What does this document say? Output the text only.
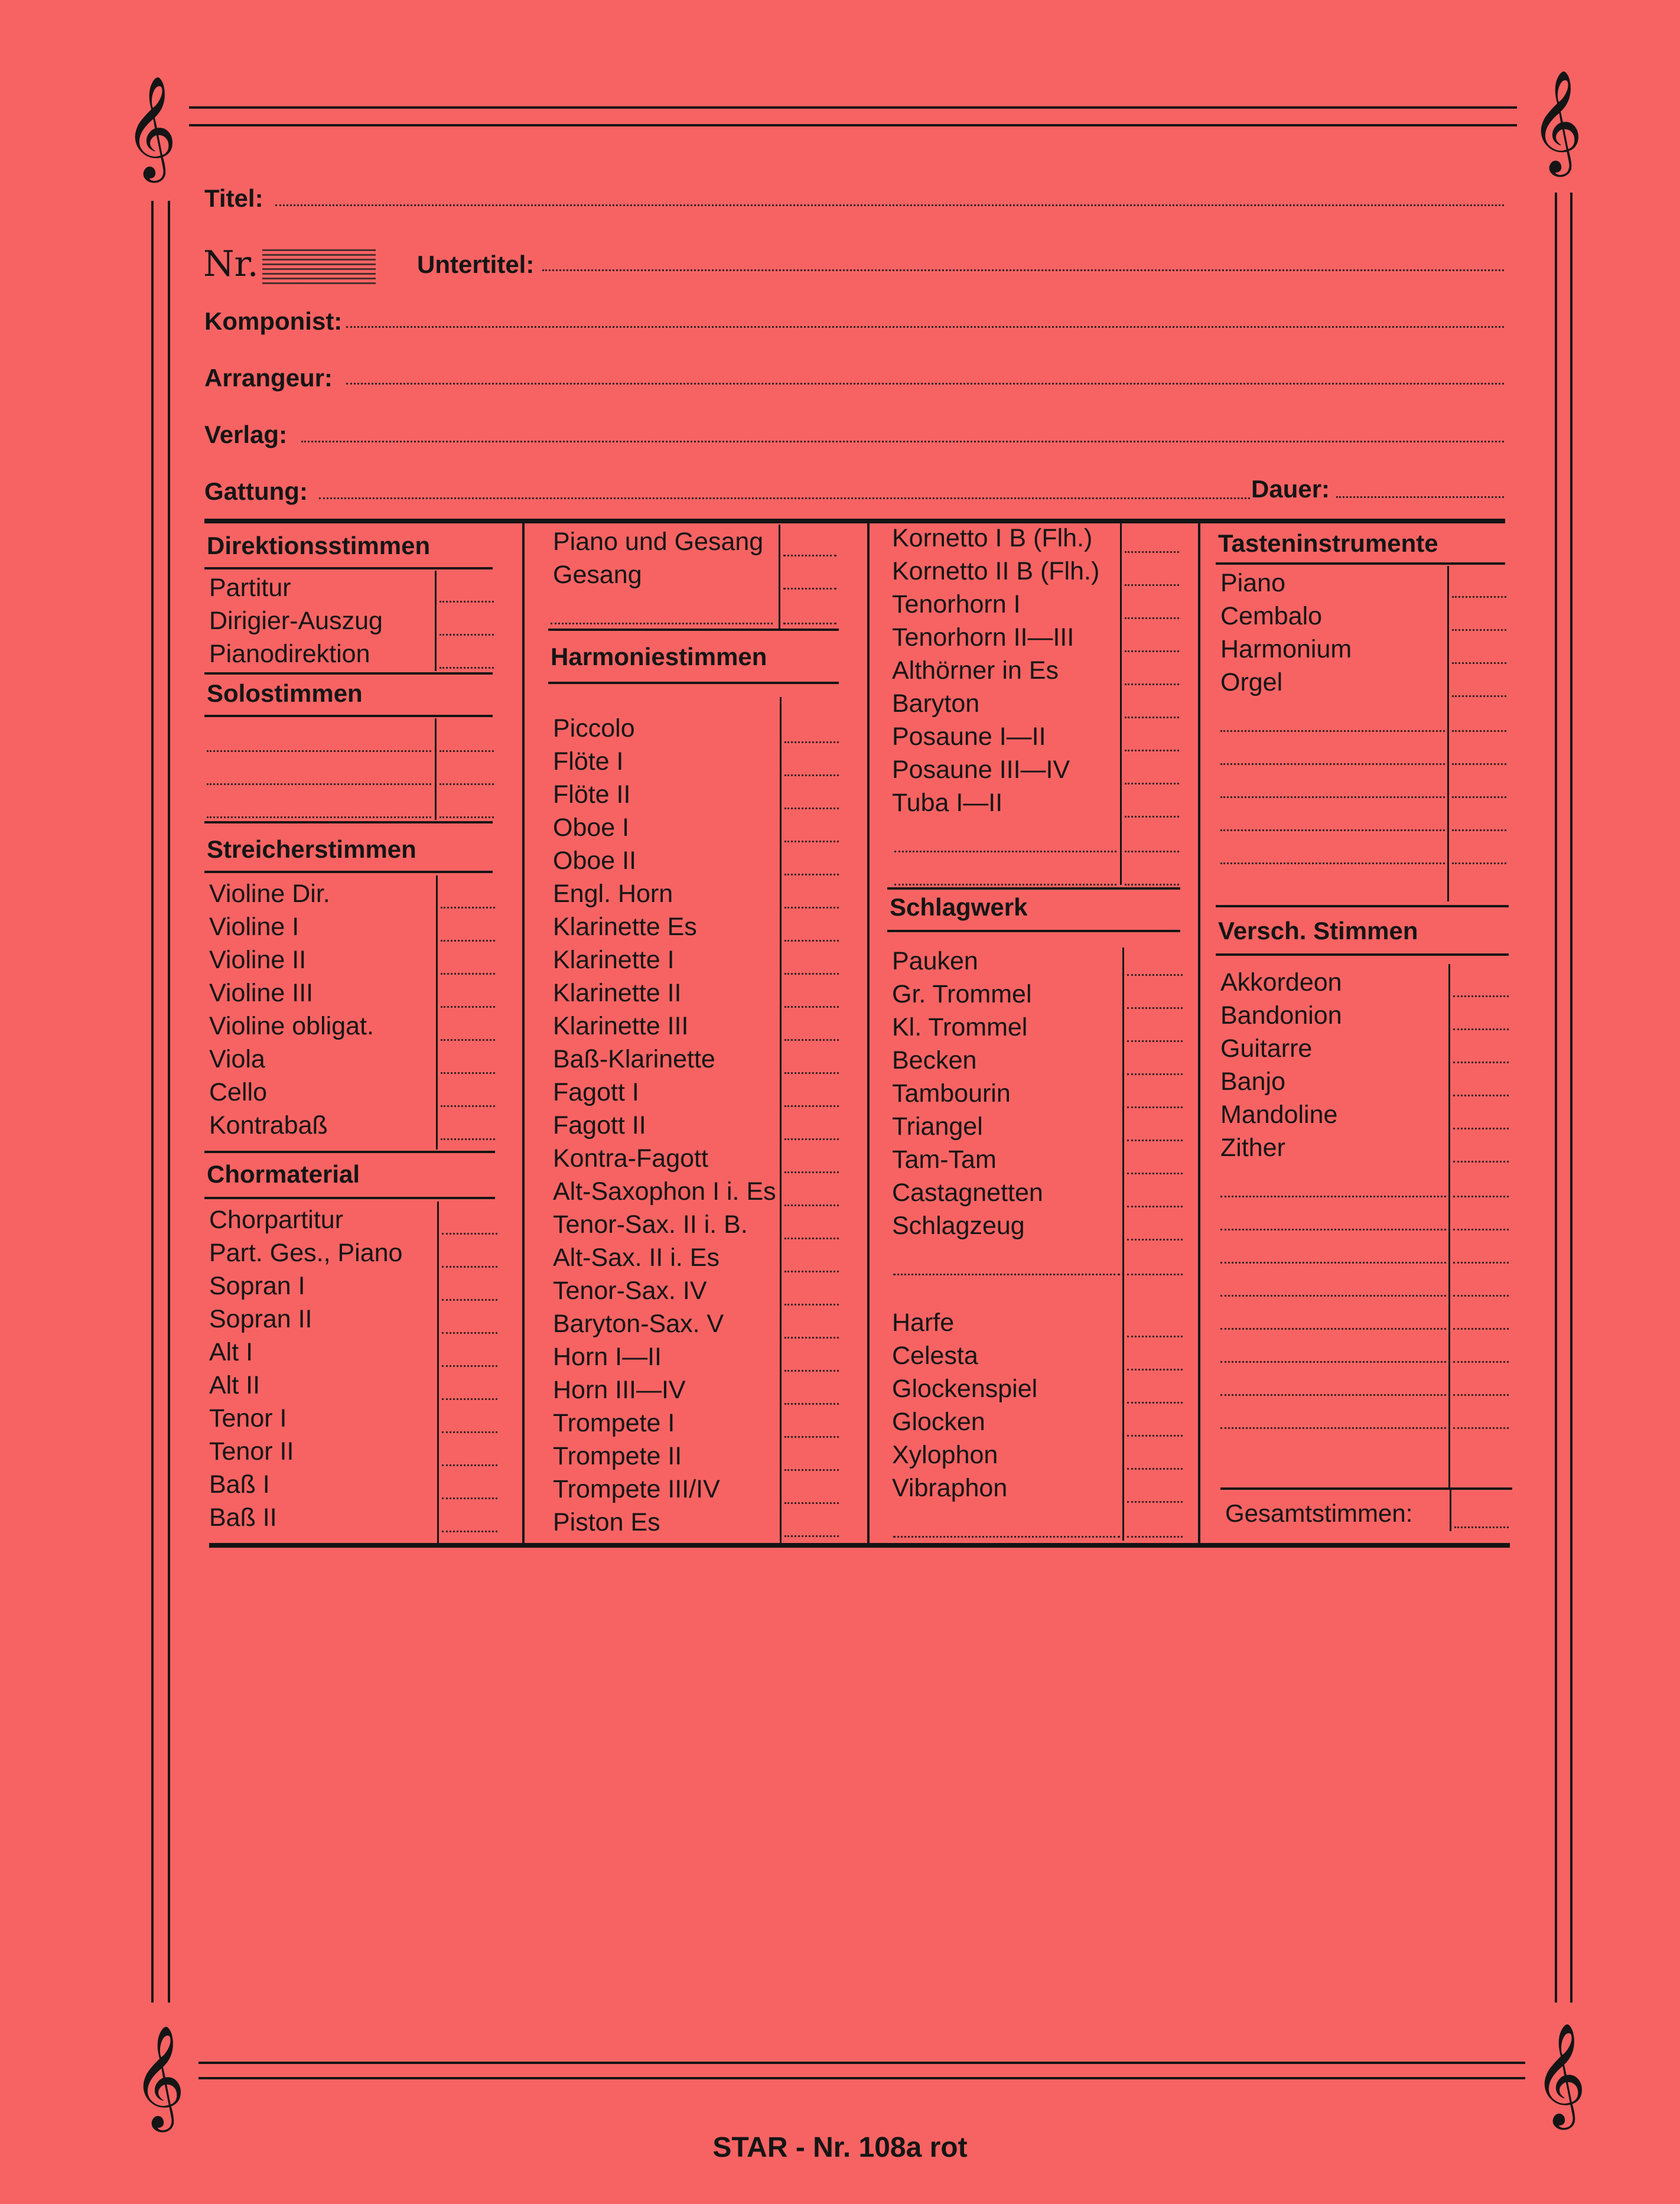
𝄞	𝄞
𝄞	𝄞
Titel:
Nr.	Untertitel:
Komponist:
Arrangeur:
Verlag:
Gattung:	Dauer:
Direktionsstimmen
Partitur
Dirigier-Auszug
Pianodirektion
Solostimmen
Streicherstimmen
Violine Dir.
Violine I
Violine II
Violine III
Violine obligat.
Viola
Cello
Kontrabaß
Chormaterial
Chorpartitur
Part. Ges., Piano
Sopran I
Sopran II
Alt I
Alt II
Tenor I
Tenor II
Baß I
Baß II
Piano und Gesang
Gesang
Harmoniestimmen
Piccolo
Flöte I
Flöte II
Oboe I
Oboe II
Engl. Horn
Klarinette Es
Klarinette I
Klarinette II
Klarinette III
Baß-Klarinette
Fagott I
Fagott II
Kontra-Fagott
Alt-Saxophon I i. Es
Tenor-Sax. II i. B.
Alt-Sax. II i. Es
Tenor-Sax. IV
Baryton-Sax. V
Horn I—II
Horn III—IV
Trompete I
Trompete II
Trompete III/IV
Piston Es
Kornetto I B (Flh.)
Kornetto II B (Flh.)
Tenorhorn I
Tenorhorn II—III
Althörner in Es
Baryton
Posaune I—II
Posaune III—IV
Tuba I—II
Schlagwerk
Pauken
Gr. Trommel
Kl. Trommel
Becken
Tambourin
Triangel
Tam-Tam
Castagnetten
Schlagzeug
Harfe
Celesta
Glockenspiel
Glocken
Xylophon
Vibraphon
Tasteninstrumente
Piano
Cembalo
Harmonium
Orgel
Versch. Stimmen
Akkordeon
Bandonion
Guitarre
Banjo
Mandoline
Zither
Gesamtstimmen:
STAR - Nr. 108a rot
